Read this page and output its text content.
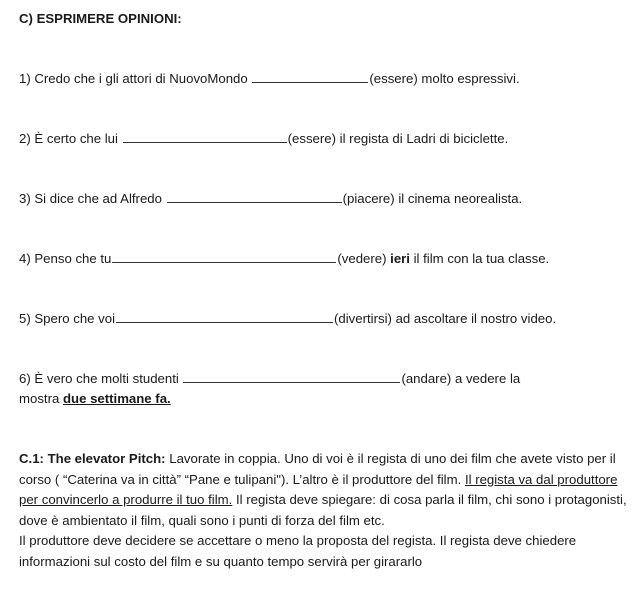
C) ESPRIMERE OPINIONI:
1) Credo che i gli attori di NuovoMondo	(essere) molto espressivi.
2) È certo che lui	(essere) il regista di Ladri di biciclette.
3) Si dice che ad Alfredo	(piacere) il cinema neorealista.
4) Penso che tu	(vedere) ieri il film con la tua classe.
5) Spero che voi	(divertirsi) ad ascoltare il nostro video.
6) È vero che molti studenti	(andare) a vedere la
mostra due settimane fa.

C.1: The elevator Pitch: Lavorate in coppia. Uno di voi è il regista di uno dei film che avete visto per il corso ( “Caterina va in città” “Pane e tulipani"). L’altro è il produttore del film. Il regista va dal produttore per convincerlo a produrre il tuo film. Il regista deve spiegare: di cosa parla il film, chi sono i protagonisti, dove è ambientato il film, quali sono i punti di forza del film etc.

Il produttore deve decidere se accettare o meno la proposta del regista. Il regista deve chiedere informazioni sul costo del film e su quanto tempo servirà per girararlo
